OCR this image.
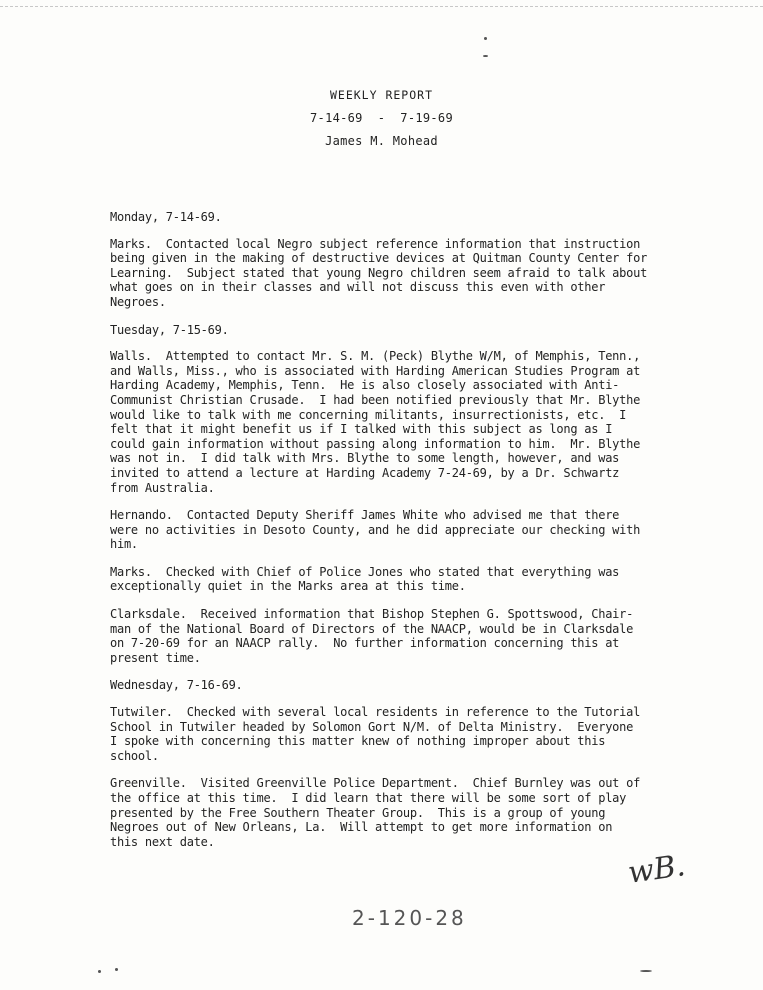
WEEKLY REPORT
7-14-69  -  7-19-69
James M. Mohead

Monday, 7-14-69.

Marks.  Contacted local Negro subject reference information that instruction
being given in the making of destructive devices at Quitman County Center for
Learning.  Subject stated that young Negro children seem afraid to talk about
what goes on in their classes and will not discuss this even with other
Negroes.

Tuesday, 7-15-69.

Walls.  Attempted to contact Mr. S. M. (Peck) Blythe W/M, of Memphis, Tenn.,
and Walls, Miss., who is associated with Harding American Studies Program at
Harding Academy, Memphis, Tenn.  He is also closely associated with Anti-
Communist Christian Crusade.  I had been notified previously that Mr. Blythe
would like to talk with me concerning militants, insurrectionists, etc.  I
felt that it might benefit us if I talked with this subject as long as I
could gain information without passing along information to him.  Mr. Blythe
was not in.  I did talk with Mrs. Blythe to some length, however, and was
invited to attend a lecture at Harding Academy 7-24-69, by a Dr. Schwartz
from Australia.

Hernando.  Contacted Deputy Sheriff James White who advised me that there
were no activities in Desoto County, and he did appreciate our checking with
him.

Marks.  Checked with Chief of Police Jones who stated that everything was
exceptionally quiet in the Marks area at this time.

Clarksdale.  Received information that Bishop Stephen G. Spottswood, Chair-
man of the National Board of Directors of the NAACP, would be in Clarksdale
on 7-20-69 for an NAACP rally.  No further information concerning this at
present time.

Wednesday, 7-16-69.

Tutwiler.  Checked with several local residents in reference to the Tutorial
School in Tutwiler headed by Solomon Gort N/M. of Delta Ministry.  Everyone
I spoke with concerning this matter knew of nothing improper about this
school.

Greenville.  Visited Greenville Police Department.  Chief Burnley was out of
the office at this time.  I did learn that there will be some sort of play
presented by the Free Southern Theater Group.  This is a group of young
Negroes out of New Orleans, La.  Will attempt to get more information on
this next date.

wB.
2-120-28
